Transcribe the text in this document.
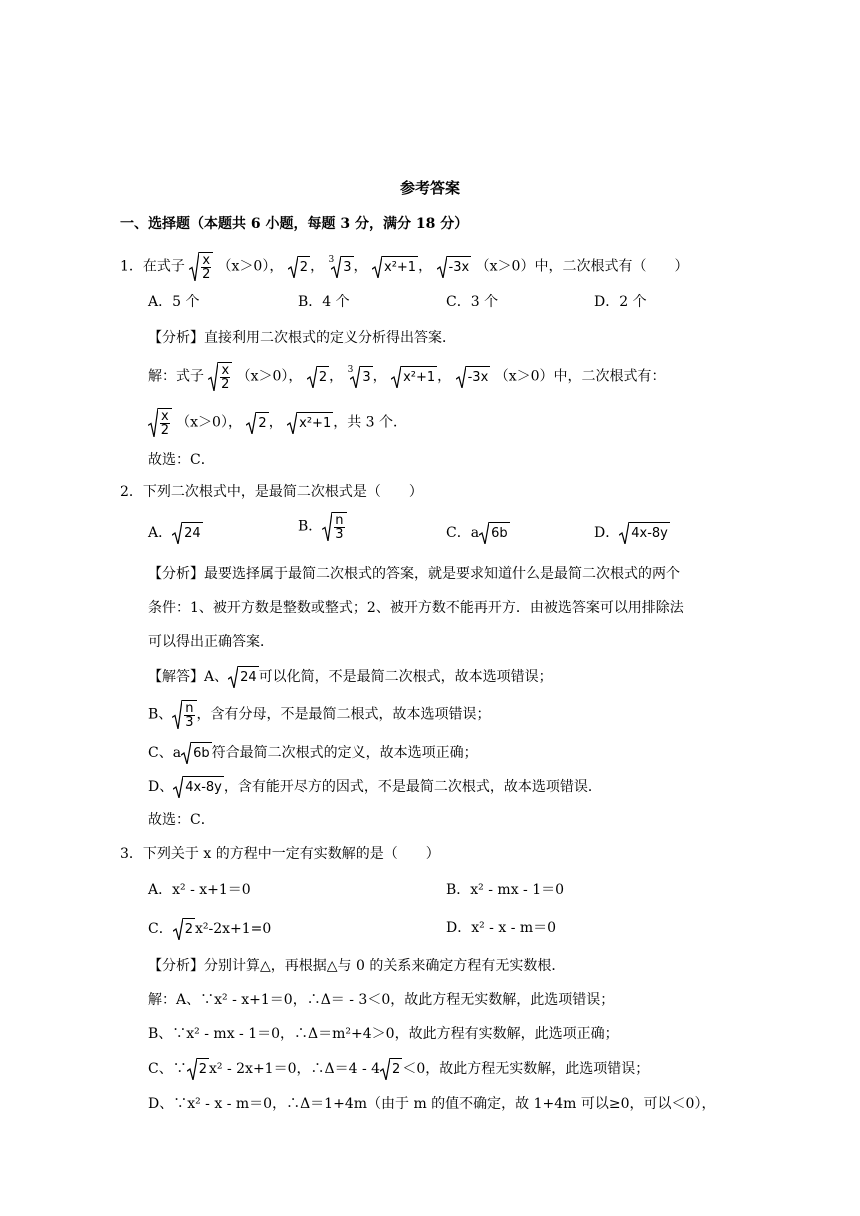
参考答案
一、选择题（本题共 6 小题，每题 3 分，满分 18 分）
1．在式子 $\frac{x}{2} (x>0)$， 2 ， $^3$ 3 ， x²+1 ， -3x （x＞0）中，二次根式有（　　）
A．5 个	B．4 个	C．3 个	D．2 个
【分析】直接利用二次根式的定义分析得出答案．
解：式子 $\frac{x}{2} (x>0)$， 2 ， $^3$ 3 ， x²+1 ， -3x （x＞0）中，二次根式有：
$\frac{x}{2} (x>0)$， 2 ， x²+1 ，共 3 个．
故选：C．
2．下列二次根式中，是最简二次根式是（　　）
A． 24	B． $\frac{n}{3}$	C．a 6b	D． 4x-8y
【分析】最要选择属于最简二次根式的答案，就是要求知道什么是最简二次根式的两个
条件：1、被开方数是整数或整式；2、被开方数不能再开方．由被选答案可以用排除法
可以得出正确答案．
【解答】A、 24 可以化简，不是最简二次根式，故本选项错误；
B、 $\frac{n}{3}$ ，含有分母，不是最简二根式，故本选项错误；
C、a 6b 符合最简二次根式的定义，故本选项正确；
D、 4x-8y ，含有能开尽方的因式，不是最简二次根式，故本选项错误．
故选：C．
3．下列关于 x 的方程中一定有实数解的是（　　）
A．x² - x+1＝0	B．x² - mx - 1＝0
C． 2 x²-2x+1=0	D．x² - x - m＝0
【分析】分别计算△，再根据△与 0 的关系来确定方程有无实数根．
解：A、∵x² - x+1＝0，∴Δ＝ - 3＜0，故此方程无实数解，此选项错误；
B、∵x² - mx - 1＝0，∴Δ＝m²+4＞0，故此方程有实数解，此选项正确；
C、∵ 2 x² - 2x+1＝0，∴Δ＝4 - 4 2 ＜0，故此方程无实数解，此选项错误；
D、∵x² - x - m＝0，∴Δ＝1+4m（由于 m 的值不确定，故 1+4m 可以≥0，可以＜0），
